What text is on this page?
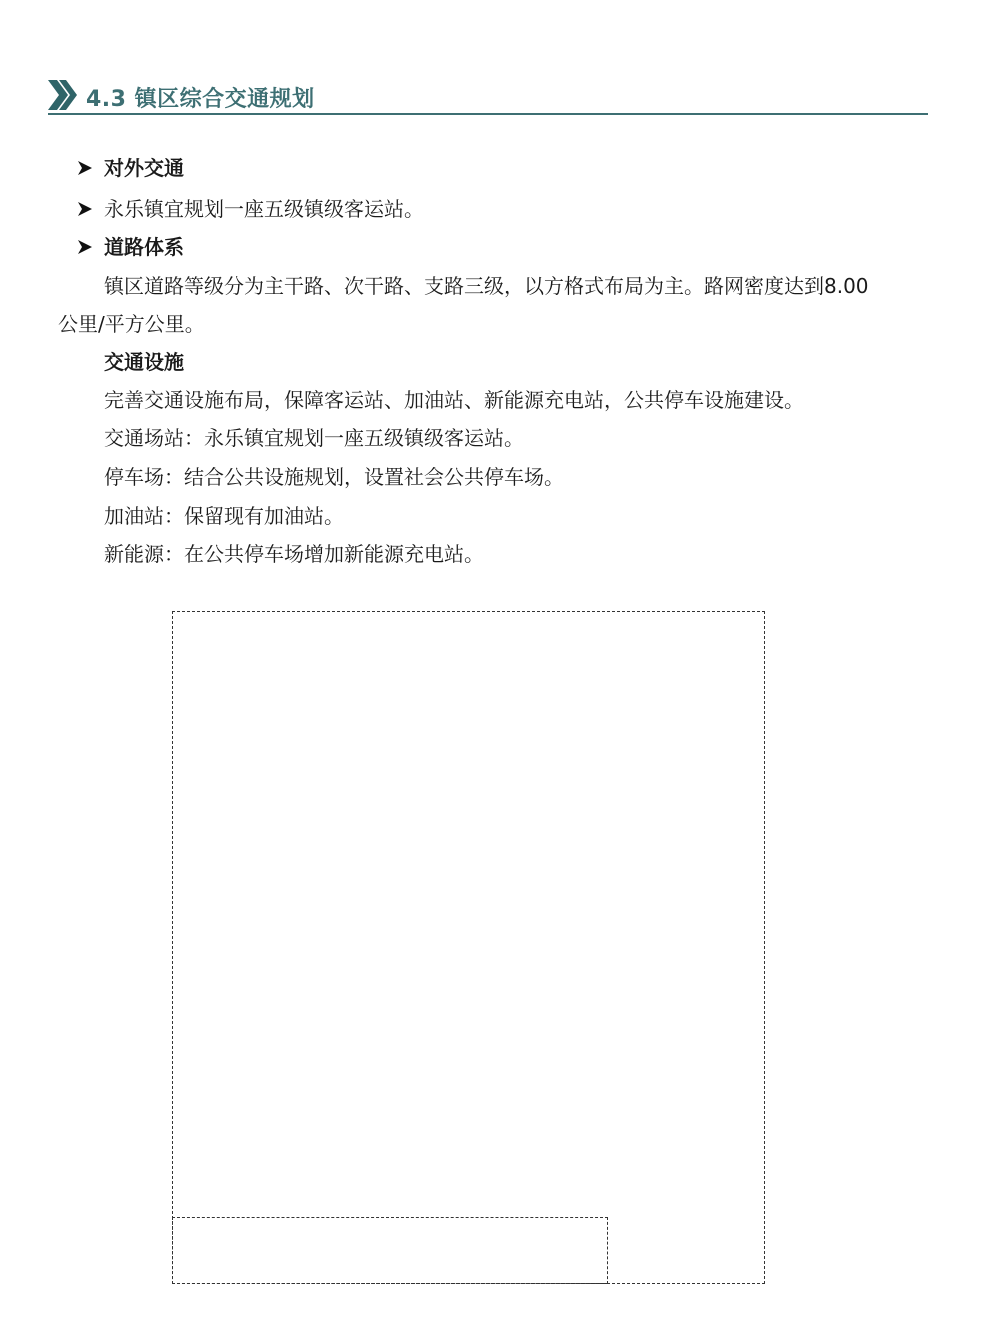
4.3 镇区综合交通规划
对外交通
永乐镇宜规划一座五级镇级客运站。
道路体系
镇区道路等级分为主干路、次干路、支路三级，以方格式布局为主。路网密度达到8.00
公里/平方公里。
交通设施
完善交通设施布局，保障客运站、加油站、新能源充电站，公共停车设施建设。
交通场站：永乐镇宜规划一座五级镇级客运站。
停车场：结合公共设施规划，设置社会公共停车场。
加油站：保留现有加油站。
新能源：在公共停车场增加新能源充电站。
